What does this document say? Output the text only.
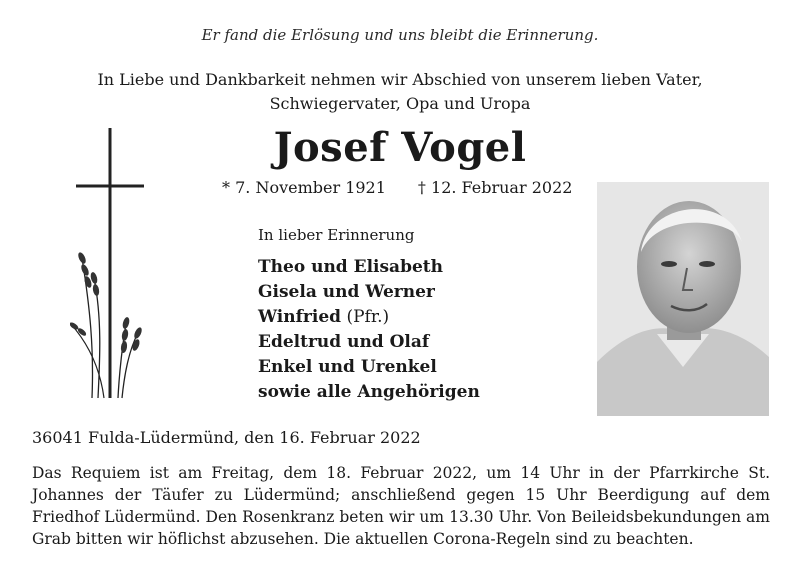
Er fand die Erlösung und uns bleibt die Erinnerung.
In Liebe und Dankbarkeit nehmen wir Abschied von unserem lieben Vater,
Schwiegervater, Opa und Uropa
Josef Vogel
* 7. November 1921 † 12. Februar 2022
In lieber Erinnerung
Theo und Elisabeth
Gisela und Werner
Winfried (Pfr.)
Edeltrud und Olaf
Enkel und Urenkel
sowie alle Angehörigen
36041 Fulda-Lüdermünd, den 16. Februar 2022
Das Requiem ist am Freitag, dem 18. Februar 2022, um 14 Uhr in der Pfarrkirche St. Johannes der Täufer zu Lüdermünd; anschließend gegen 15 Uhr Beerdigung auf dem Friedhof Lüdermünd. Den Rosenkranz beten wir um 13.30 Uhr. Von Beileidsbekundungen am Grab bitten wir höflichst abzusehen. Die aktuellen Corona-Regeln sind zu beachten.
